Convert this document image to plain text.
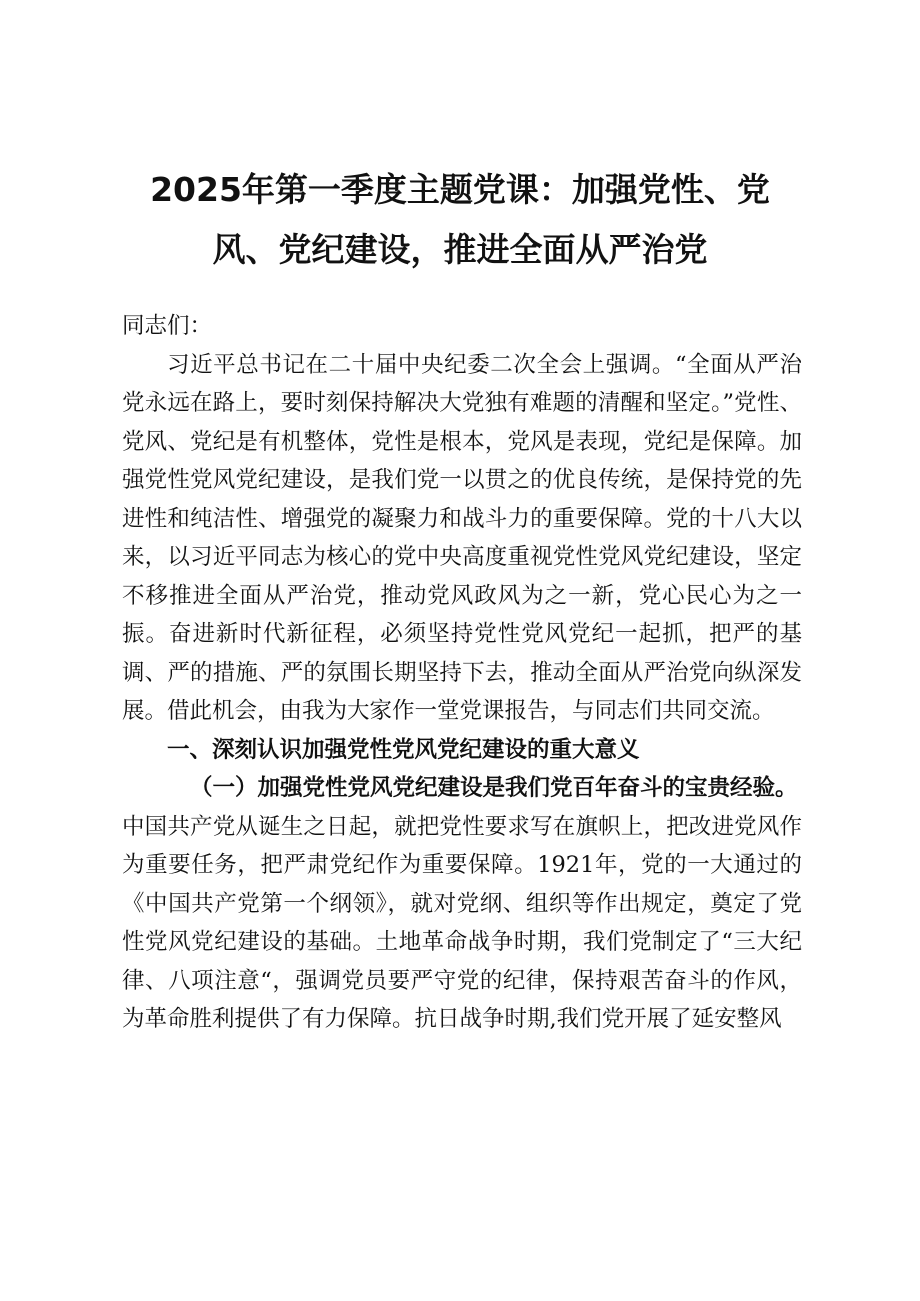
2025年第一季度主题党课：加强党性、党
风、党纪建设，推进全面从严治党

同志们：

习近平总书记在二十届中央纪委二次全会上强调。“全面从严治党永远在路上，要时刻保持解决大党独有难题的清醒和坚定。”党性、党风、党纪是有机整体，党性是根本，党风是表现，党纪是保障。加强党性党风党纪建设，是我们党一以贯之的优良传统，是保持党的先进性和纯洁性、增强党的凝聚力和战斗力的重要保障。党的十八大以来，以习近平同志为核心的党中央高度重视党性党风党纪建设，坚定不移推进全面从严治党，推动党风政风为之一新，党心民心为之一振。奋进新时代新征程，必须坚持党性党风党纪一起抓，把严的基调、严的措施、严的氛围长期坚持下去，推动全面从严治党向纵深发展。借此机会，由我为大家作一堂党课报告，与同志们共同交流。

一、深刻认识加强党性党风党纪建设的重大意义

（一）加强党性党风党纪建设是我们党百年奋斗的宝贵经验。

中国共产党从诞生之日起，就把党性要求写在旗帜上，把改进党风作为重要任务，把严肃党纪作为重要保障。1921年，党的一大通过的《中国共产党第一个纲领》，就对党纲、组织等作出规定，奠定了党性党风党纪建设的基础。土地革命战争时期，我们党制定了“三大纪律、八项注意“，强调党员要严守党的纪律，保持艰苦奋斗的作风，为革命胜利提供了有力保障。抗日战争时期,我们党开展了延安整风
